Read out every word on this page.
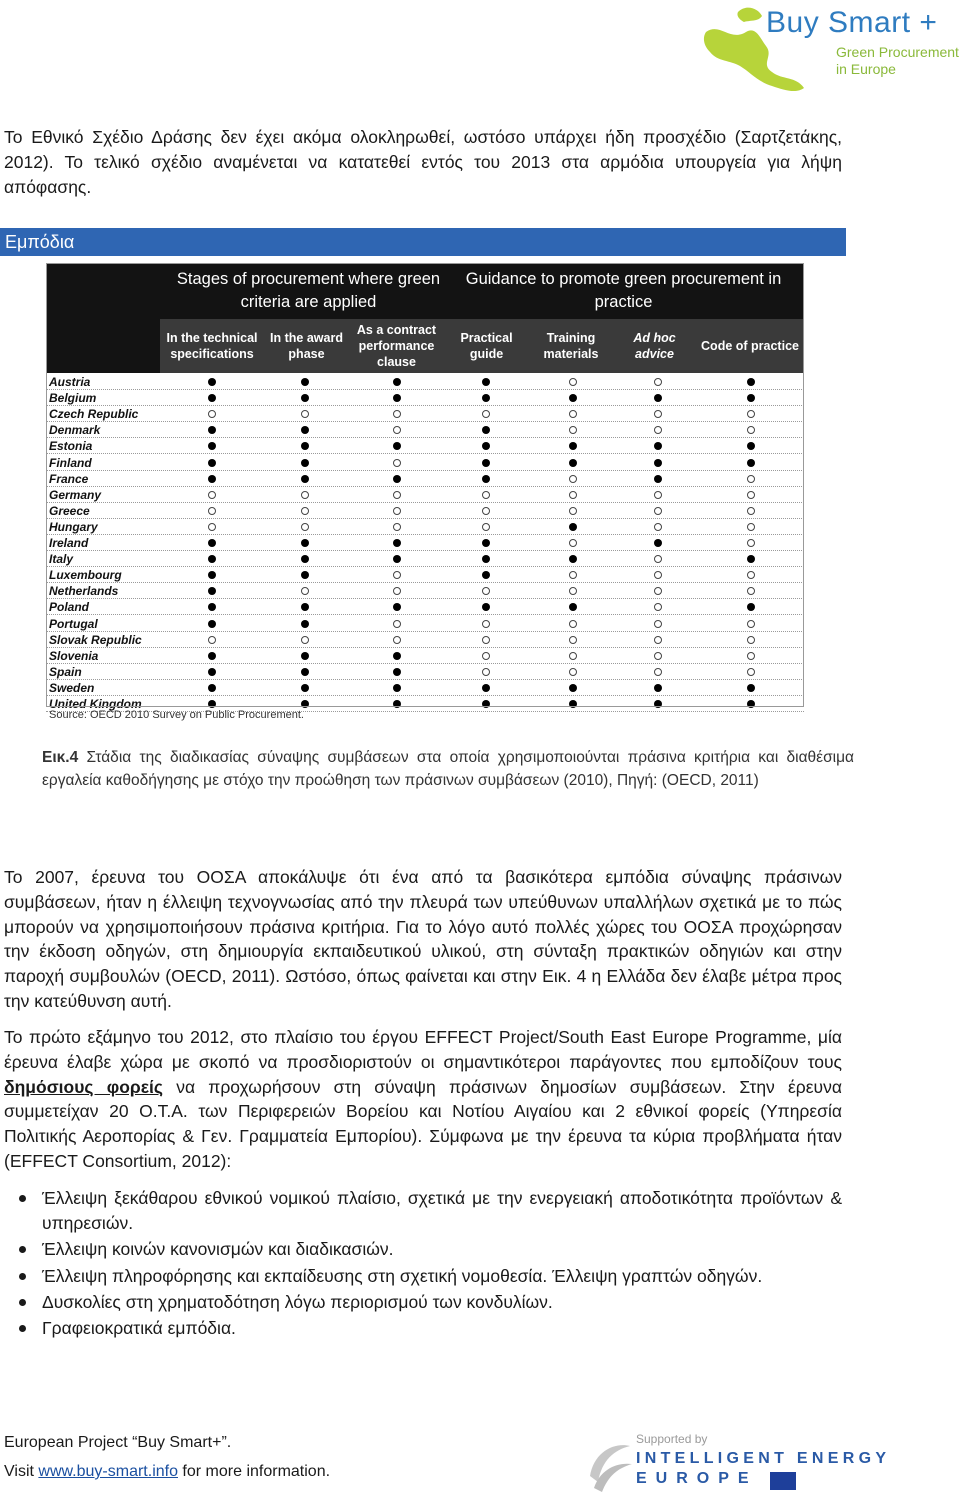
Buy Smart +
Green Procurement
in Europe

Το Εθνικό Σχέδιο Δράσης δεν έχει ακόμα ολοκληρωθεί, ωστόσο υπάρχει ήδη προσχέδιο (Σαρτζετάκης, 2012). Το τελικό σχέδιο αναμένεται να κατατεθεί εντός του 2013 στα αρμόδια υπουργεία για λήψη απόφασης.

Εμπόδια
Stages of procurement where green criteria are applied
Guidance to promote green procurement in practice
In the technical specifications
In the award phase
As a contract performance clause
Practical guide
Training materials
Ad hoc advice
Code of practice
Austria
Belgium
Czech Republic
Denmark
Estonia
Finland
France
Germany
Greece
Hungary
Ireland
Italy
Luxembourg
Netherlands
Poland
Portugal
Slovak Republic
Slovenia
Spain
Sweden
United Kingdom
Source: OECD 2010 Survey on Public Procurement.

Εικ.4 Στάδια της διαδικασίας σύναψης συμβάσεων στα οποία χρησιμοποιούνται πράσινα κριτήρια και διαθέσιμα εργαλεία καθοδήγησης με στόχο την προώθηση των πράσινων συμβάσεων (2010), Πηγή: (OECD, 2011)

Το 2007, έρευνα του ΟΟΣΑ αποκάλυψε ότι ένα από τα βασικότερα εμπόδια σύναψης πράσινων συμβάσεων, ήταν η έλλειψη τεχνογνωσίας από την πλευρά των υπεύθυνων υπαλλήλων σχετικά με το πώς μπορούν να χρησιμοποιήσουν πράσινα κριτήρια. Για το λόγο αυτό πολλές χώρες του ΟΟΣΑ προχώρησαν την έκδοση οδηγών, στη δημιουργία εκπαιδευτικού υλικού, στη σύνταξη πρακτικών οδηγιών και στην παροχή συμβουλών (OECD, 2011). Ωστόσο, όπως φαίνεται και στην Εικ. 4 η Ελλάδα δεν έλαβε μέτρα προς την κατεύθυνση αυτή.

Το πρώτο εξάμηνο του 2012, στο πλαίσιο του έργου EFFECT Project/South East Europe Programme, μία έρευνα έλαβε χώρα με σκοπό να προσδιοριστούν οι σημαντικότεροι παράγοντες που εμποδίζουν τους δημόσιους φορείς να προχωρήσουν στη σύναψη πράσινων δημοσίων συμβάσεων. Στην έρευνα συμμετείχαν 20 Ο.Τ.Α. των Περιφερειών Βορείου και Νοτίου Αιγαίου και 2 εθνικοί φορείς (Υπηρεσία Πολιτικής Αεροπορίας & Γεν. Γραμματεία Εμπορίου). Σύμφωνα με την έρευνα τα κύρια προβλήματα ήταν (EFFECT Consortium, 2012):

Έλλειψη ξεκάθαρου εθνικού νομικού πλαίσιο, σχετικά με την ενεργειακή αποδοτικότητα προϊόντων & υπηρεσιών.
Έλλειψη κοινών κανονισμών και διαδικασιών.
Έλλειψη πληροφόρησης και εκπαίδευσης στη σχετική νομοθεσία. Έλλειψη γραπτών οδηγών.
Δυσκολίες στη χρηματοδότηση λόγω περιορισμού των κονδυλίων.
Γραφειοκρατικά εμπόδια.
European Project “Buy Smart+”.
Visit www.buy-smart.info for more information.
Supported by
INTELLIGENT ENERGY
EUROPE
